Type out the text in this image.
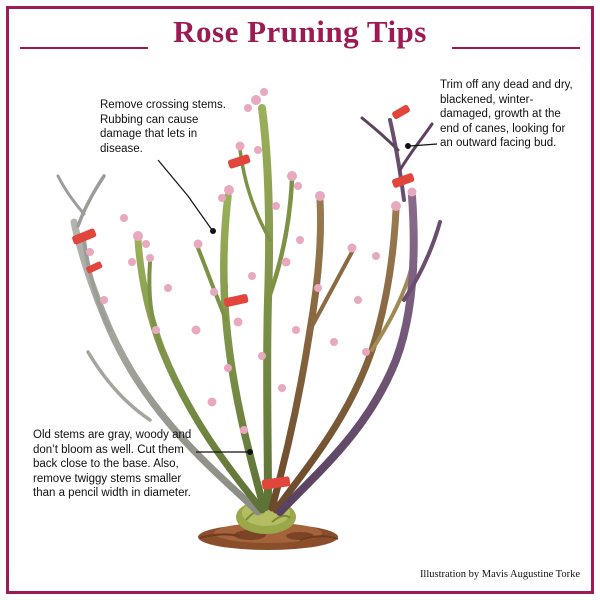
Rose Pruning Tips
Remove crossing stems. Rubbing can cause damage that lets in disease.
Trim off any dead and dry, blackened, winter-damaged, growth at the end of canes, looking for an outward facing bud.
Old stems are gray, woody and don’t bloom as well. Cut them back close to the base. Also, remove twiggy stems smaller than a pencil width in diameter.
Illustration by Mavis Augustine Torke
